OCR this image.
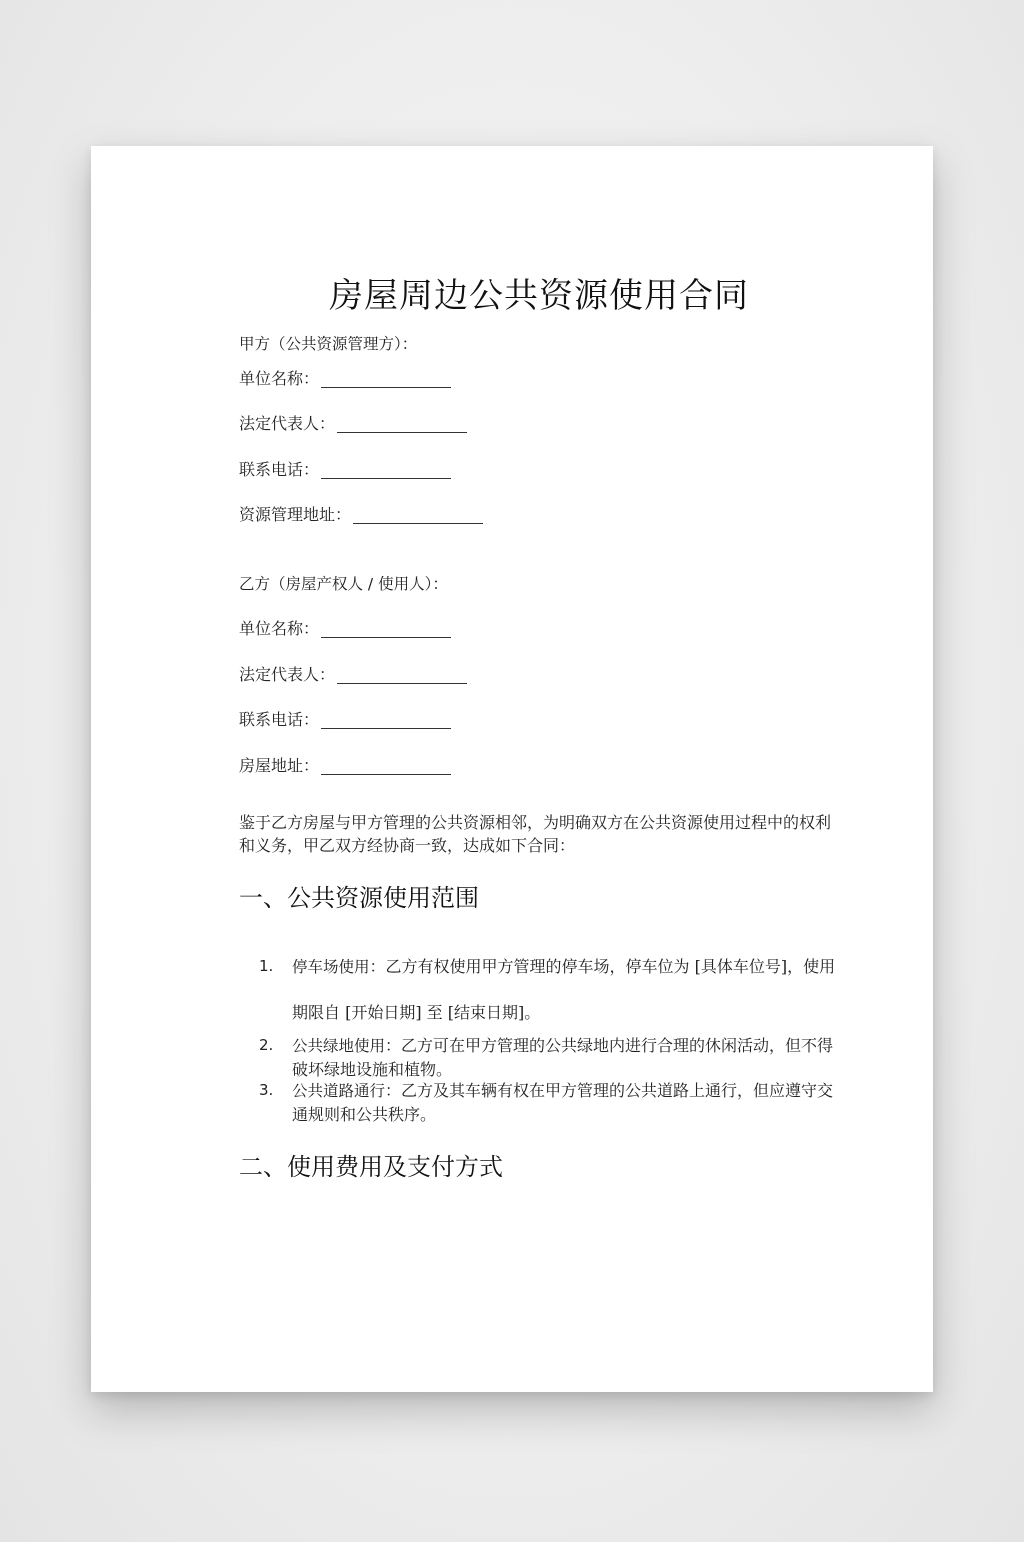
房屋周边公共资源使用合同
甲方（公共资源管理方）：
单位名称：
法定代表人：
联系电话：
资源管理地址：
乙方（房屋产权人 / 使用人）：
单位名称：
法定代表人：
联系电话：
房屋地址：
鉴于乙方房屋与甲方管理的公共资源相邻，为明确双方在公共资源使用过程中的权利和义务，甲乙双方经协商一致，达成如下合同：
一、公共资源使用范围
1.	停车场使用：乙方有权使用甲方管理的停车场，停车位为 [具体车位号]，使用期限自 [开始日期] 至 [结束日期]。
2.	公共绿地使用：乙方可在甲方管理的公共绿地内进行合理的休闲活动，但不得破坏绿地设施和植物。
3.	公共道路通行：乙方及其车辆有权在甲方管理的公共道路上通行，但应遵守交通规则和公共秩序。
二、使用费用及支付方式
